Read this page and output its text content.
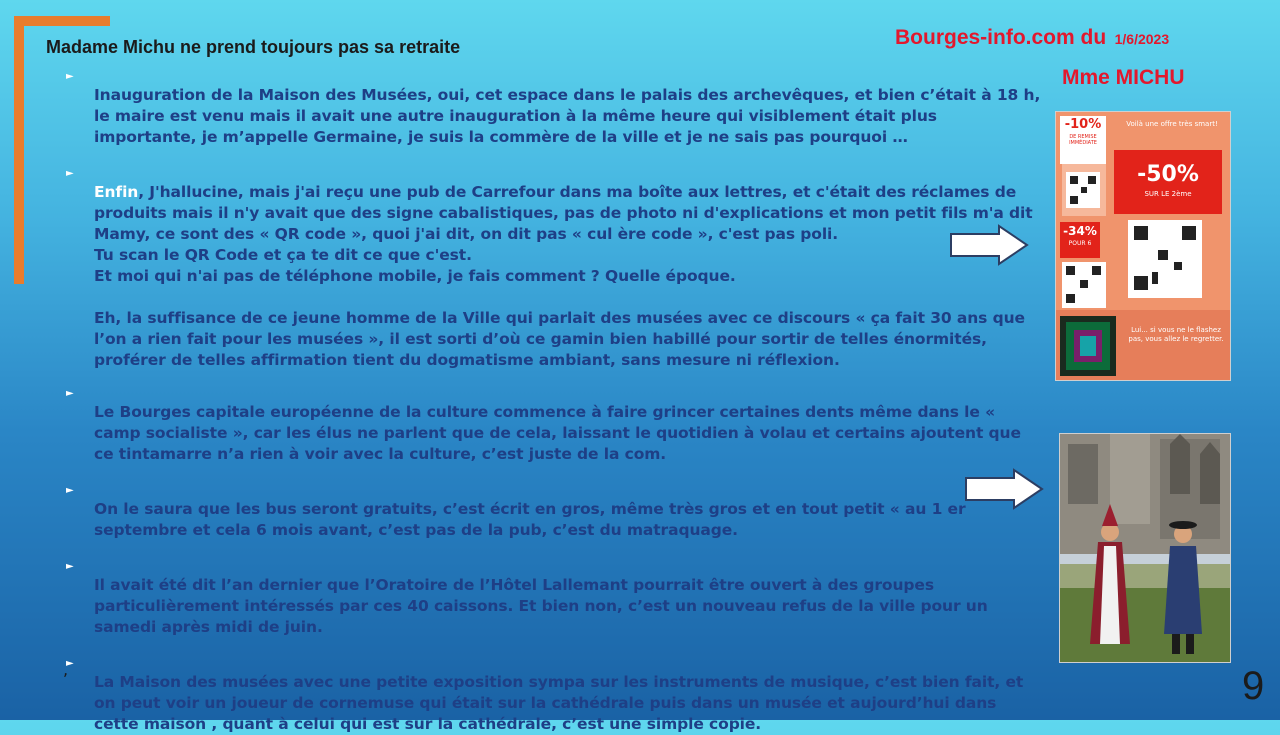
Madame Michu ne prend toujours pas sa retraite	Bourges-info.com du 1/6/2023
Mme MICHU

►
Inauguration de la Maison des Musées, oui, cet espace dans le palais des archevêques, et bien c’était à 18 h, le maire est venu mais il avait une autre inauguration à la même heure qui visiblement était plus importante, je m’appelle Germaine, je suis la commère de la ville et je ne sais pas pourquoi …

►
Enfin, J'hallucine, mais j'ai reçu une pub de Carrefour dans ma boîte aux lettres, et c'était des réclames de produits mais il n'y avait que des signe cabalistiques, pas de photo ni d'explications et mon petit fils m'a dit Mamy, ce sont des « QR code », quoi j'ai dit, on dit pas « cul ère code », c'est pas poli.
Tu scan le QR Code et ça te dit ce que c'est.
Et moi qui n'ai pas de téléphone mobile, je fais comment ? Quelle époque.

Eh, la suffisance de ce jeune homme de la Ville qui parlait des musées avec ce discours « ça fait 30 ans que l’on a rien fait pour les musées », il est sorti d’où ce gamin bien habillé pour sortir de telles énormités, proférer de telles affirmation tient du dogmatisme ambiant, sans mesure ni réflexion.

►
Le Bourges capitale européenne de la culture commence à faire grincer certaines dents même dans le « camp socialiste », car les élus ne parlent que de cela, laissant le quotidien à volau et certains ajoutent que ce tintamarre n’a rien à voir avec la culture, c’est juste de la com.

►
On le saura que les bus seront gratuits, c’est écrit en gros, même très gros et en tout petit « au 1 er septembre et cela 6 mois avant, c’est pas de la pub, c’est du matraquage.

►
Il avait été dit l’an dernier que l’Oratoire de l’Hôtel Lallemant pourrait être ouvert à des groupes particulièrement intéressés par ces 40 caissons. Et bien non, c’est un nouveau refus de la ville pour un samedi après midi de juin.

►
La Maison des musées avec une petite exposition sympa sur les instruments de musique, c’est bien fait, et on peut voir un joueur de cornemuse qui était sur la cathédrale puis dans un musée et aujourd’hui dans cette maison , quant à celui qui est sur la cathédrale, c’est une simple copie.

,	9
-10%
DE REMISE IMMÉDIATE
Voilà une offre très smart!
-50%
SUR LE 2ème
-34%
POUR 6
Lui... si vous ne le flashez pas, vous allez le regretter.
